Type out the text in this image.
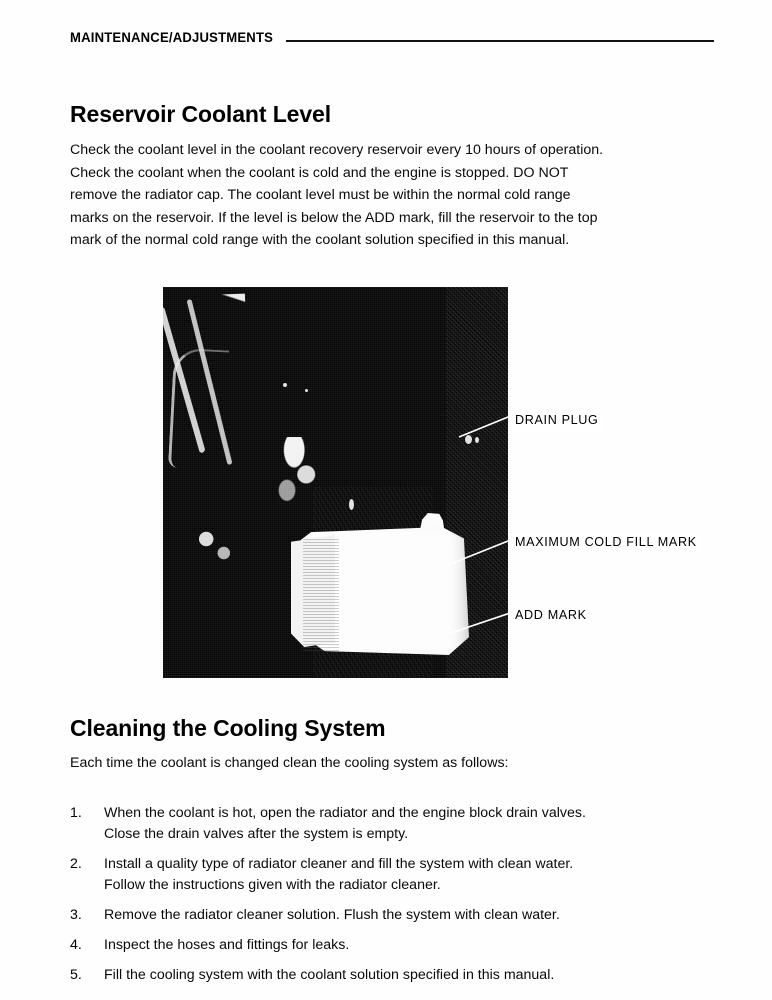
MAINTENANCE/ADJUSTMENTS
Reservoir Coolant Level
Check the coolant level in the coolant recovery reservoir every 10 hours of operation.
Check the coolant when the coolant is cold and the engine is stopped. DO NOT
remove the radiator cap. The coolant level must be within the normal cold range
marks on the reservoir. If the level is below the ADD mark, fill the reservoir to the top
mark of the normal cold range with the coolant solution specified in this manual.
DRAIN PLUG
MAXIMUM COLD FILL MARK
ADD MARK
Cleaning the Cooling System
Each time the coolant is changed clean the cooling system as follows:
1.	When the coolant is hot, open the radiator and the engine block drain valves.
Close the drain valves after the system is empty.
2.	Install a quality type of radiator cleaner and fill the system with clean water.
Follow the instructions given with the radiator cleaner.
3.	Remove the radiator cleaner solution. Flush the system with clean water.
4.	Inspect the hoses and fittings for leaks.
5.	Fill the cooling system with the coolant solution specified in this manual.
